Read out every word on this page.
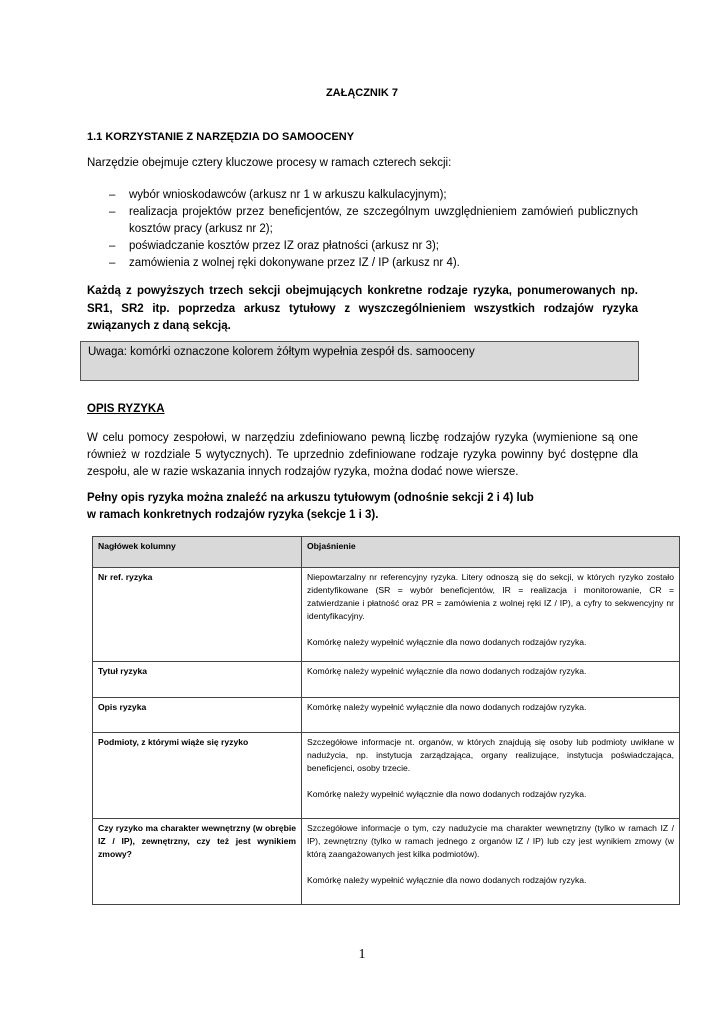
ZAŁĄCZNIK 7
1.1 KORZYSTANIE Z NARZĘDZIA DO SAMOOCENY
Narzędzie obejmuje cztery kluczowe procesy w ramach czterech sekcji:
– wybór wnioskodawców (arkusz nr 1 w arkuszu kalkulacyjnym);
– realizacja projektów przez beneficjentów, ze szczególnym uwzględnieniem zamówień publicznych kosztów pracy (arkusz nr 2);
– poświadczanie kosztów przez IZ oraz płatności (arkusz nr 3);
– zamówienia z wolnej ręki dokonywane przez IZ / IP (arkusz nr 4).
Każdą z powyższych trzech sekcji obejmujących konkretne rodzaje ryzyka, ponumerowanych np. SR1, SR2 itp. poprzedza arkusz tytułowy z wyszczególnieniem wszystkich rodzajów ryzyka związanych z daną sekcją.
Uwaga: komórki oznaczone kolorem żółtym wypełnia zespół ds. samooceny
OPIS RYZYKA
W celu pomocy zespołowi, w narzędziu zdefiniowano pewną liczbę rodzajów ryzyka (wymienione są one również w rozdziale 5 wytycznych). Te uprzednio zdefiniowane rodzaje ryzyka powinny być dostępne dla zespołu, ale w razie wskazania innych rodzajów ryzyka, można dodać nowe wiersze.
Pełny opis ryzyka można znaleźć na arkuszu tytułowym (odnośnie sekcji 2 i 4) lub
w ramach konkretnych rodzajów ryzyka (sekcje 1 i 3).
Nagłówek kolumny	Objaśnienie
Nr ref. ryzyka	Niepowtarzalny nr referencyjny ryzyka. Litery odnoszą się do sekcji, w których ryzyko zostało zidentyfikowane (SR = wybór beneficjentów, IR = realizacja i monitorowanie, CR = zatwierdzanie i płatność oraz PR = zamówienia z wolnej ręki IZ / IP), a cyfry to sekwencyjny nr identyfikacyjny.
Komórkę należy wypełnić wyłącznie dla nowo dodanych rodzajów ryzyka.
Tytuł ryzyka	Komórkę należy wypełnić wyłącznie dla nowo dodanych rodzajów ryzyka.
Opis ryzyka	Komórkę należy wypełnić wyłącznie dla nowo dodanych rodzajów ryzyka.
Podmioty, z którymi wiąże się ryzyko	Szczegółowe informacje nt. organów, w których znajdują się osoby lub podmioty uwikłane w nadużycia, np. instytucja zarządzająca, organy realizujące, instytucja poświadczająca, beneficjenci, osoby trzecie.
Komórkę należy wypełnić wyłącznie dla nowo dodanych rodzajów ryzyka.
Czy ryzyko ma charakter wewnętrzny (w obrębie IZ / IP), zewnętrzny, czy też jest wynikiem zmowy?	Szczegółowe informacje o tym, czy nadużycie ma charakter wewnętrzny (tylko w ramach IZ / IP), zewnętrzny (tylko w ramach jednego z organów IZ / IP) lub czy jest wynikiem zmowy (w którą zaangażowanych jest kilka podmiotów).
Komórkę należy wypełnić wyłącznie dla nowo dodanych rodzajów ryzyka.
1
